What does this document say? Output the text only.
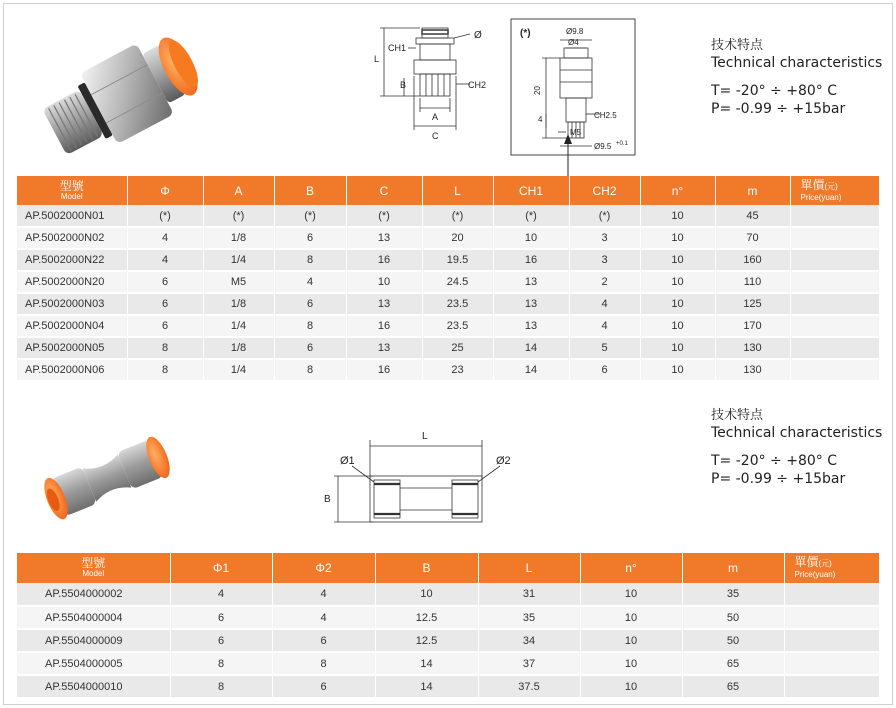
Ø
CH1
CH2
L
B
A
C
(*)	Ø9.8
Ø4
20
4	CH2.5
M5
Ø9.5 +0.1
技术特点
Technical characteristics
T= -20° ÷ +80° C
P= -0.99 ÷ +15bar
型號
Model	Φ	A	B	C	L	CH1	CH2	n°	m	單價(元)
Price(yuan)

AP.5002000N01	(*)	(*)	(*)	(*)	(*)	(*)	(*)	10	45	
AP.5002000N02	4	1/8	6	13	20	10	3	10	70	
AP.5002000N22	4	1/4	8	16	19.5	16	3	10	160	
AP.5002000N20	6	M5	4	10	24.5	13	2	10	110	
AP.5002000N03	6	1/8	6	13	23.5	13	4	10	125	
AP.5002000N04	6	1/4	8	16	23.5	13	4	10	170	
AP.5002000N05	8	1/8	6	13	25	14	5	10	130	
AP.5002000N06	8	1/4	8	16	23	14	6	10	130	
L
Ø1	Ø2
B
技术特点
Technical characteristics
T= -20° ÷ +80° C
P= -0.99 ÷ +15bar
型號
Model	Φ1	Φ2	B	L	n°	m	單價(元)
Price(yuan)

AP.5504000002	4	4	10	31	10	35	
AP.5504000004	6	4	12.5	35	10	50	
AP.5504000009	6	6	12.5	34	10	50	
AP.5504000005	8	8	14	37	10	65	
AP.5504000010	8	6	14	37.5	10	65	
